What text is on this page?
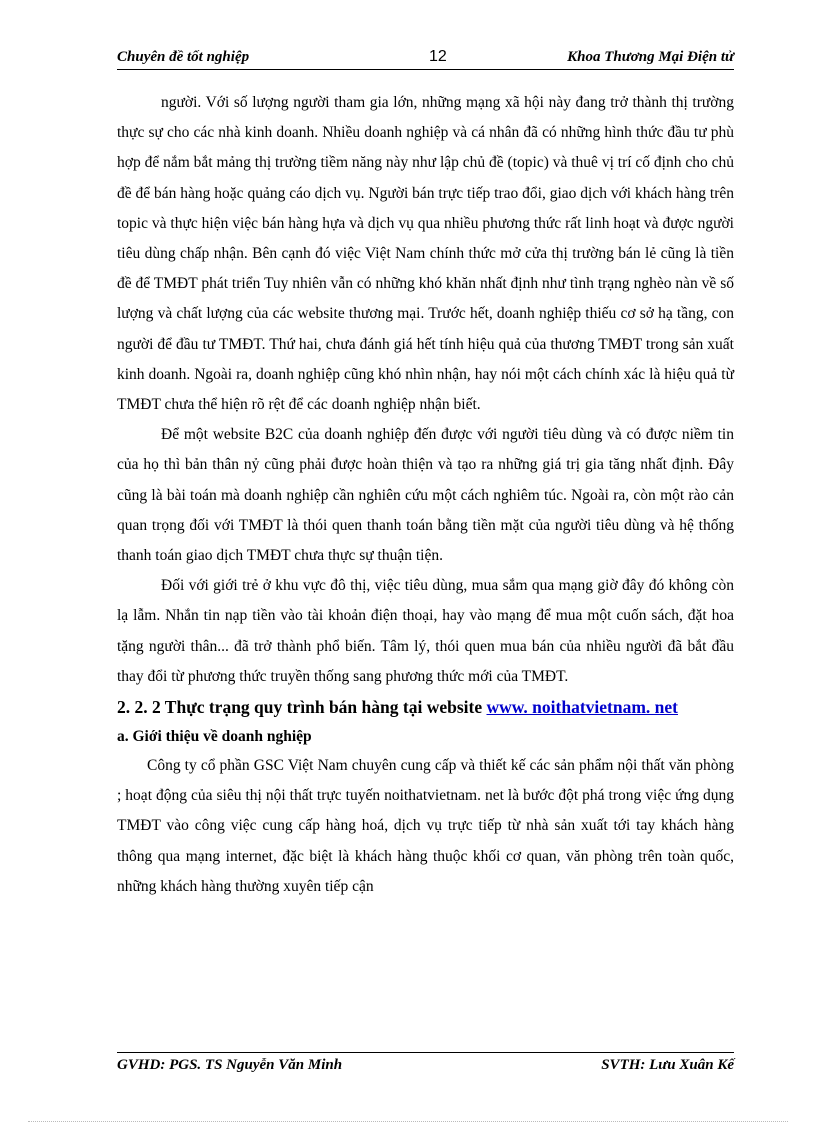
Chuyên đề tốt nghiệp	12	Khoa Thương Mại Điện tử

người. Với số lượng người tham gia lớn, những mạng xã hội này đang trở thành thị trường thực sự cho các nhà kinh doanh. Nhiều doanh nghiệp và cá nhân đã có những hình thức đầu tư phù hợp để nắm bắt mảng thị trường tiềm năng này như lập chủ đề (topic) và thuê vị trí cố định cho chủ đề để bán hàng hoặc quảng cáo dịch vụ. Người bán trực tiếp trao đổi, giao dịch với khách hàng trên topic và thực hiện việc bán hàng hựa và dịch vụ qua nhiều phương thức rất linh hoạt và được người tiêu dùng chấp nhận. Bên cạnh đó việc Việt Nam chính thức mở cửa thị trường bán lẻ cũng là tiền đề để TMĐT phát triển Tuy nhiên vẫn có những khó khăn nhất định như tình trạng nghèo nàn về số lượng và chất lượng của các website thương mại. Trước hết, doanh nghiệp thiếu cơ sở hạ tầng, con người để đầu tư TMĐT. Thứ hai, chưa đánh giá hết tính hiệu quả của thương TMĐT trong sản xuất kinh doanh. Ngoài ra, doanh nghiệp cũng khó nhìn nhận, hay nói một cách chính xác là hiệu quả từ TMĐT chưa thể hiện rõ rệt để các doanh nghiệp nhận biết.

Để một website B2C của doanh nghiệp đến được với người tiêu dùng và có được niềm tin của họ thì bản thân nỷ cũng phải được hoàn thiện và tạo ra những giá trị gia tăng nhất định. Đây cũng là bài toán mà doanh nghiệp cần nghiên cứu một cách nghiêm túc. Ngoài ra, còn một rào cản quan trọng đối với TMĐT là thói quen thanh toán bằng tiền mặt của người tiêu dùng và hệ thống thanh toán giao dịch TMĐT chưa thực sự thuận tiện.

Đối với giới trẻ ở khu vực đô thị, việc tiêu dùng, mua sắm qua mạng giờ đây đó không còn lạ lẫm. Nhắn tin nạp tiền vào tài khoản điện thoại, hay vào mạng để mua một cuốn sách, đặt hoa tặng người thân... đã trở thành phổ biến. Tâm lý, thói quen mua bán của nhiều người đã bắt đầu thay đổi từ phương thức truyền thống sang phương thức mới của TMĐT.

2. 2. 2 Thực trạng quy trình bán hàng tại website www. noithatvietnam. net

a. Giới thiệu về doanh nghiệp

Công ty cổ phần GSC Việt Nam chuyên cung cấp và thiết kế các sản phẩm nội thất văn phòng ; hoạt động của siêu thị nội thất trực tuyến noithatvietnam. net là bước đột phá trong việc ứng dụng TMĐT vào công việc cung cấp hàng hoá, dịch vụ trực tiếp từ nhà sản xuất tới tay khách hàng thông qua mạng internet, đặc biệt là khách hàng thuộc khối cơ quan, văn phòng trên toàn quốc, những khách hàng thường xuyên tiếp cận

GVHD: PGS. TS Nguyễn Văn Minh	SVTH: Lưu Xuân Kế
